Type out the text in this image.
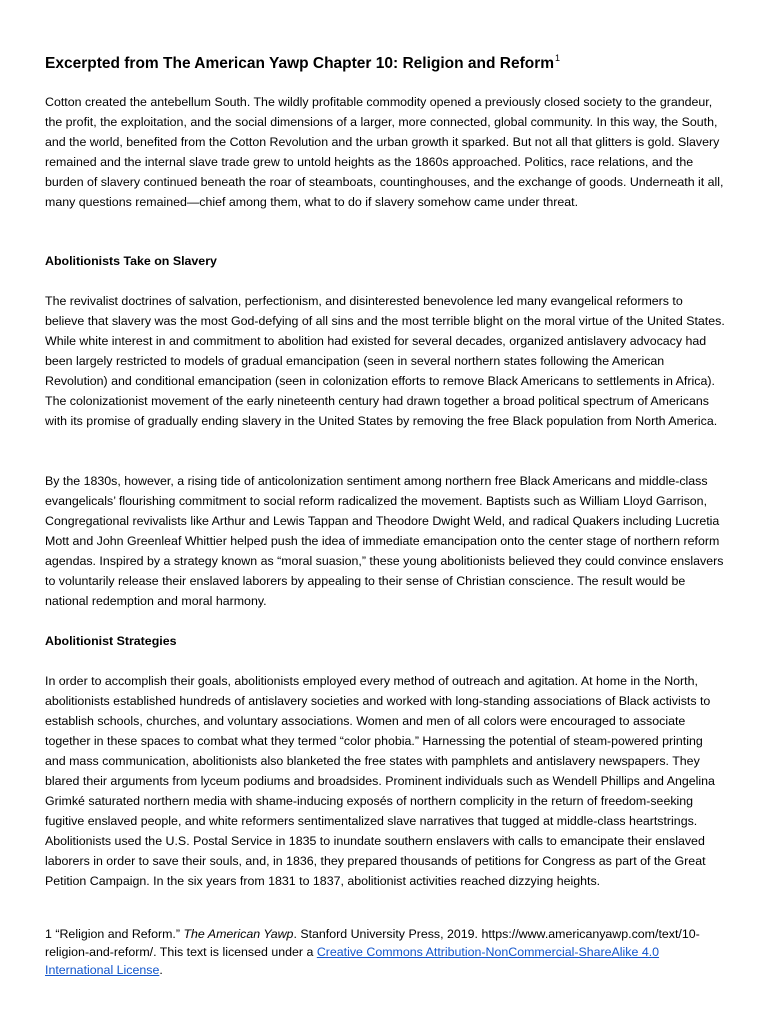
Excerpted from The American Yawp Chapter 10: Religion and Reform$^1$

Cotton created the antebellum South. The wildly profitable commodity opened a previously closed society to the grandeur, the profit, the exploitation, and the social dimensions of a larger, more connected, global community. In this way, the South, and the world, benefited from the Cotton Revolution and the urban growth it sparked. But not all that glitters is gold. Slavery remained and the internal slave trade grew to untold heights as the 1860s approached. Politics, race relations, and the burden of slavery continued beneath the roar of steamboats, countinghouses, and the exchange of goods. Underneath it all, many questions remained—chief among them, what to do if slavery somehow came under threat.

Abolitionists Take on Slavery

The revivalist doctrines of salvation, perfectionism, and disinterested benevolence led many evangelical reformers to believe that slavery was the most God-defying of all sins and the most terrible blight on the moral virtue of the United States. While white interest in and commitment to abolition had existed for several decades, organized antislavery advocacy had been largely restricted to models of gradual emancipation (seen in several northern states following the American Revolution) and conditional emancipation (seen in colonization efforts to remove Black Americans to settlements in Africa). The colonizationist movement of the early nineteenth century had drawn together a broad political spectrum of Americans with its promise of gradually ending slavery in the United States by removing the free Black population from North America.

By the 1830s, however, a rising tide of anticolonization sentiment among northern free Black Americans and middle-class evangelicals’ flourishing commitment to social reform radicalized the movement. Baptists such as William Lloyd Garrison, Congregational revivalists like Arthur and Lewis Tappan and Theodore Dwight Weld, and radical Quakers including Lucretia Mott and John Greenleaf Whittier helped push the idea of immediate emancipation onto the center stage of northern reform agendas. Inspired by a strategy known as “moral suasion,” these young abolitionists believed they could convince enslavers to voluntarily release their enslaved laborers by appealing to their sense of Christian conscience. The result would be national redemption and moral harmony.

Abolitionist Strategies

In order to accomplish their goals, abolitionists employed every method of outreach and agitation. At home in the North, abolitionists established hundreds of antislavery societies and worked with long-standing associations of Black activists to establish schools, churches, and voluntary associations. Women and men of all colors were encouraged to associate together in these spaces to combat what they termed “color phobia.” Harnessing the potential of steam-powered printing and mass communication, abolitionists also blanketed the free states with pamphlets and antislavery newspapers. They blared their arguments from lyceum podiums and broadsides. Prominent individuals such as Wendell Phillips and Angelina Grimké saturated northern media with shame-inducing exposés of northern complicity in the return of freedom-seeking fugitive enslaved people, and white reformers sentimentalized slave narratives that tugged at middle-class heartstrings. Abolitionists used the U.S. Postal Service in 1835 to inundate southern enslavers with calls to emancipate their enslaved laborers in order to save their souls, and, in 1836, they prepared thousands of petitions for Congress as part of the Great Petition Campaign. In the six years from 1831 to 1837, abolitionist activities reached dizzying heights.

1 “Religion and Reform.” The American Yawp. Stanford University Press, 2019. https://www.americanyawp.com/text/10-religion-and-reform/. This text is licensed under a Creative Commons Attribution-NonCommercial-ShareAlike 4.0 International License.
